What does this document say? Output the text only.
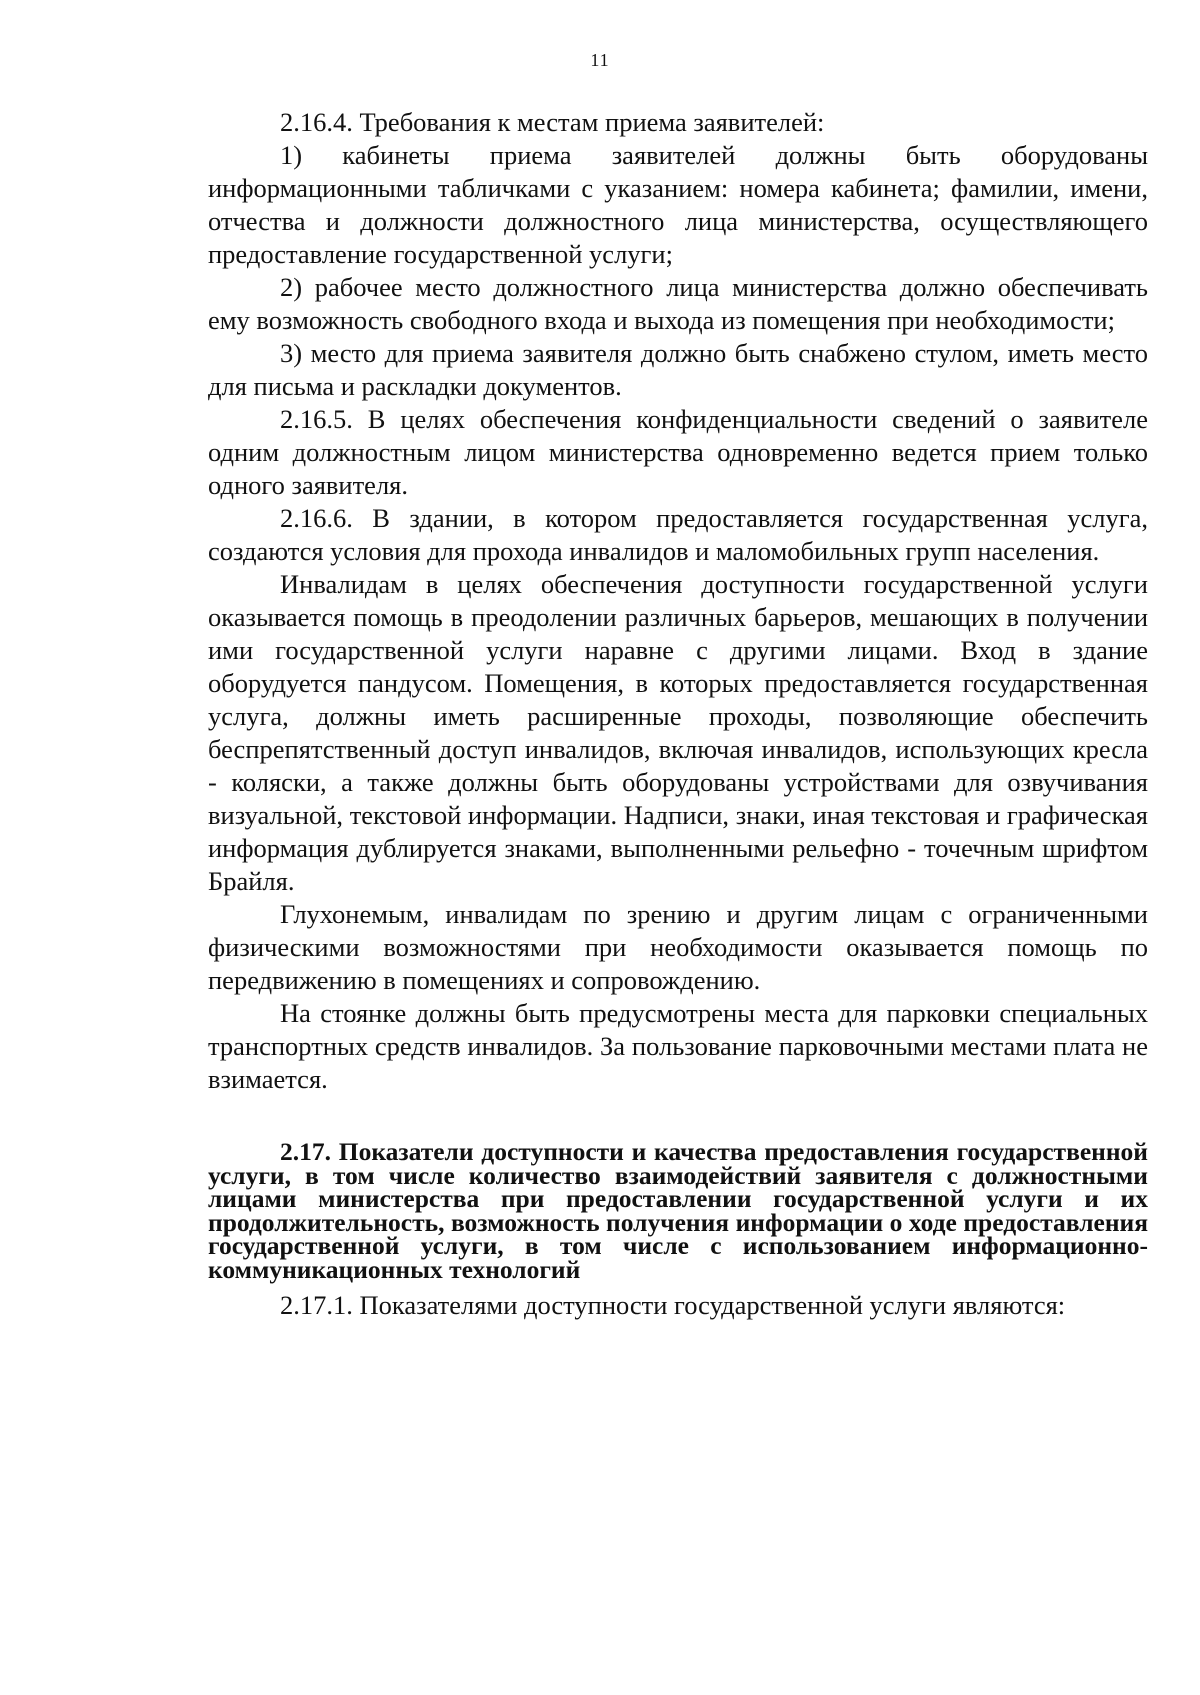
11

2.16.4. Требования к местам приема заявителей:

1) кабинеты приема заявителей должны быть оборудованы информационными табличками с указанием: номера кабинета; фамилии, имени, отчества и должности должностного лица министерства, осуществляющего предоставление государственной услуги;

2) рабочее место должностного лица министерства должно обеспечивать ему возможность свободного входа и выхода из помещения при необходимости;

3) место для приема заявителя должно быть снабжено стулом, иметь место для письма и раскладки документов.

2.16.5. В целях обеспечения конфиденциальности сведений о заявителе одним должностным лицом министерства одновременно ведется прием только одного заявителя.

2.16.6. В здании, в котором предоставляется государственная услуга, создаются условия для прохода инвалидов и маломобильных групп населения.

Инвалидам в целях обеспечения доступности государственной услуги оказывается помощь в преодолении различных барьеров, мешающих в получении ими государственной услуги наравне с другими лицами. Вход в здание оборудуется пандусом. Помещения, в которых предоставляется государственная услуга, должны иметь расширенные проходы, позволяющие обеспечить беспрепятственный доступ инвалидов, включая инвалидов, использующих кресла - коляски, а также должны быть оборудованы устройствами для озвучивания визуальной, текстовой информации. Надписи, знаки, иная текстовая и графическая информация дублируется знаками, выполненными рельефно - точечным шрифтом Брайля.

Глухонемым, инвалидам по зрению и другим лицам с ограниченными физическими возможностями при необходимости оказывается помощь по передвижению в помещениях и сопровождению.

На стоянке должны быть предусмотрены места для парковки специальных транспортных средств инвалидов. За пользование парковочными местами плата не взимается.

2.17. Показатели доступности и качества предоставления государственной услуги, в том числе количество взаимодействий заявителя с должностными лицами министерства при предоставлении государственной услуги и их продолжительность, возможность получения информации о ходе предоставления государственной услуги, в том числе с использованием информационно-коммуникационных технологий

2.17.1. Показателями доступности государственной услуги являются:
